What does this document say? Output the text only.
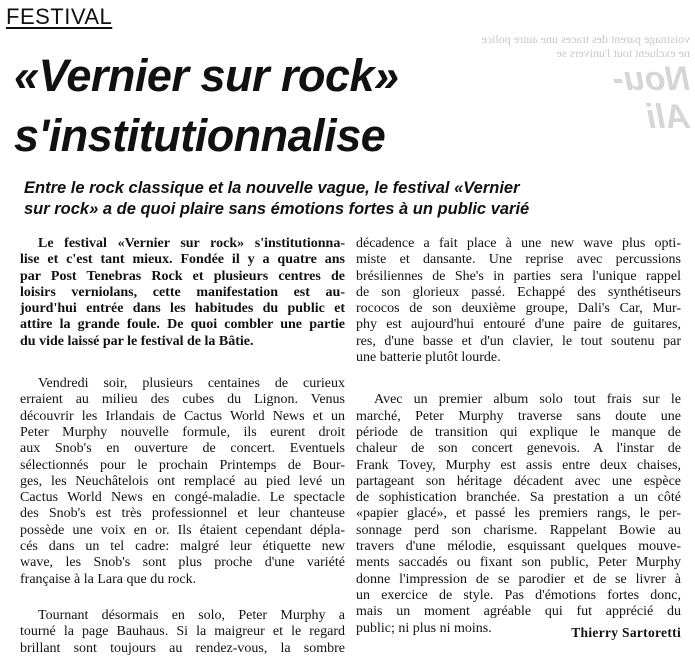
FESTIVAL
voisinage parent des traces une autre police
ne excluent tout l'univers se
Nou-
Ali
«Vernier sur rock»
s'institutionnalise
Entre le rock classique et la nouvelle vague, le festival «Vernier
sur rock» a de quoi plaire sans émotions fortes à un public varié
Le festival «Vernier sur rock» s'institutionna-
lise et c'est tant mieux. Fondée il y a quatre ans
par Post Tenebras Rock et plusieurs centres de
loisirs verniolans, cette manifestation est au-
jourd'hui entrée dans les habitudes du public et
attire la grande foule. De quoi combler une partie
du vide laissé par le festival de la Bâtie.
Vendredi soir, plusieurs centaines de curieux
erraient au milieu des cubes du Lignon. Venus
découvrir les Irlandais de Cactus World News et un
Peter Murphy nouvelle formule, ils eurent droit
aux Snob's en ouverture de concert. Eventuels
sélectionnés pour le prochain Printemps de Bour-
ges, les Neuchâtelois ont remplacé au pied levé un
Cactus World News en congé-maladie. Le spectacle
des Snob's est très professionnel et leur chanteuse
possède une voix en or. Ils étaient cependant dépla-
cés dans un tel cadre: malgré leur étiquette new
wave, les Snob's sont plus proche d'une variété
française à la Lara que du rock.
Tournant désormais en solo, Peter Murphy a
tourné la page Bauhaus. Si la maigreur et le regard
brillant sont toujours au rendez-vous, la sombre
décadence a fait place à une new wave plus opti-
miste et dansante. Une reprise avec percussions
brésiliennes de She's in parties sera l'unique rappel
de son glorieux passé. Echappé des synthétiseurs
rococos de son deuxième groupe, Dali's Car, Mur-
phy est aujourd'hui entouré d'une paire de guitares,
res, d'une basse et d'un clavier, le tout soutenu par
une batterie plutôt lourde.
Avec un premier album solo tout frais sur le
marché, Peter Murphy traverse sans doute une
période de transition qui explique le manque de
chaleur de son concert genevois. A l'instar de
Frank Tovey, Murphy est assis entre deux chaises,
partageant son héritage décadent avec une espèce
de sophistication branchée. Sa prestation a un côté
«papier glacé», et passé les premiers rangs, le per-
sonnage perd son charisme. Rappelant Bowie au
travers d'une mélodie, esquissant quelques mouve-
ments saccadés ou fixant son public, Peter Murphy
donne l'impression de se parodier et de se livrer à
un exercice de style. Pas d'émotions fortes donc,
mais un moment agréable qui fut apprécié du
public; ni plus ni moins.	Thierry Sartoretti
